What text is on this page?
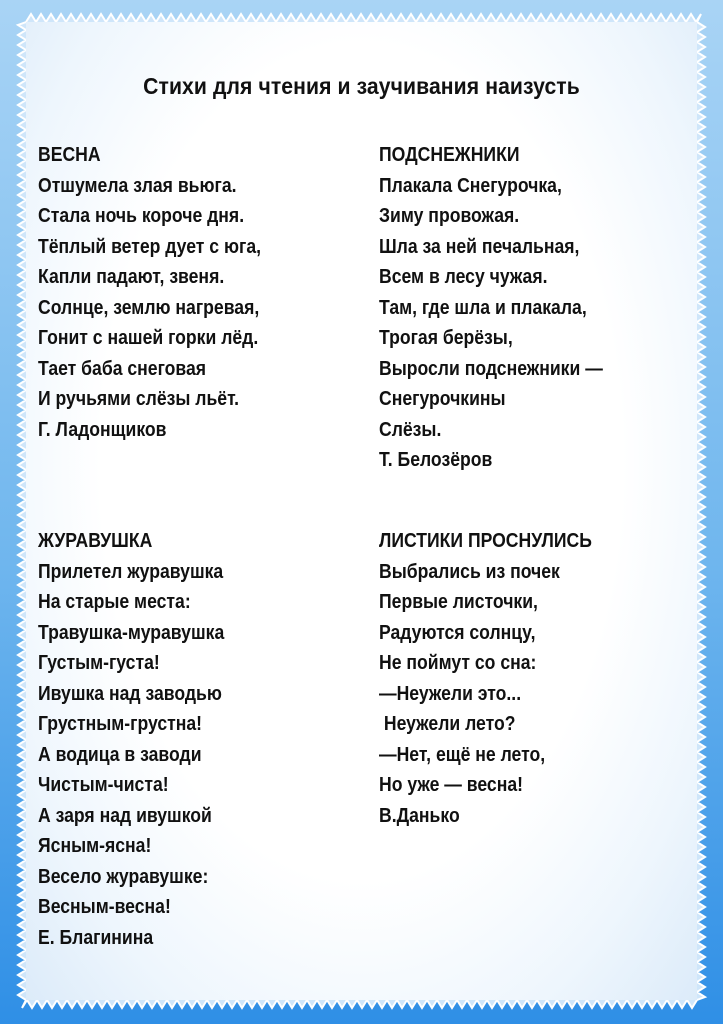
Стихи для чтения и заучивания наизусть
ВЕСНА
Отшумела злая вьюга.
Стала ночь короче дня.
Тёплый ветер дует с юга,
Капли падают, звеня.
Солнце, землю нагревая,
Гонит с нашей горки лёд.
Тает баба снеговая
И ручьями слёзы льёт.
Г. Ладонщиков
ПОДСНЕЖНИКИ
Плакала Снегурочка,
Зиму провожая.
Шла за ней печальная,
Всем в лесу чужая.
Там, где шла и плакала,
Трогая берёзы,
Выросли подснежники —
Снегурочкины
Слёзы.
Т. Белозёров
ЖУРАВУШКА
Прилетел журавушка
На старые места:
Травушка-муравушка
Густым-густа!
Ивушка над заводью
Грустным-грустна!
А водица в заводи
Чистым-чиста!
А заря над ивушкой
Ясным-ясна!
Весело журавушке:
Весным-весна!
Е. Благинина
ЛИСТИКИ ПРОСНУЛИСЬ
Выбрались из почек
Первые листочки,
Радуются солнцу,
Не поймут со сна:
—Неужели это...
Неужели лето?
—Нет, ещё не лето,
Но уже — весна!
В.Данько
